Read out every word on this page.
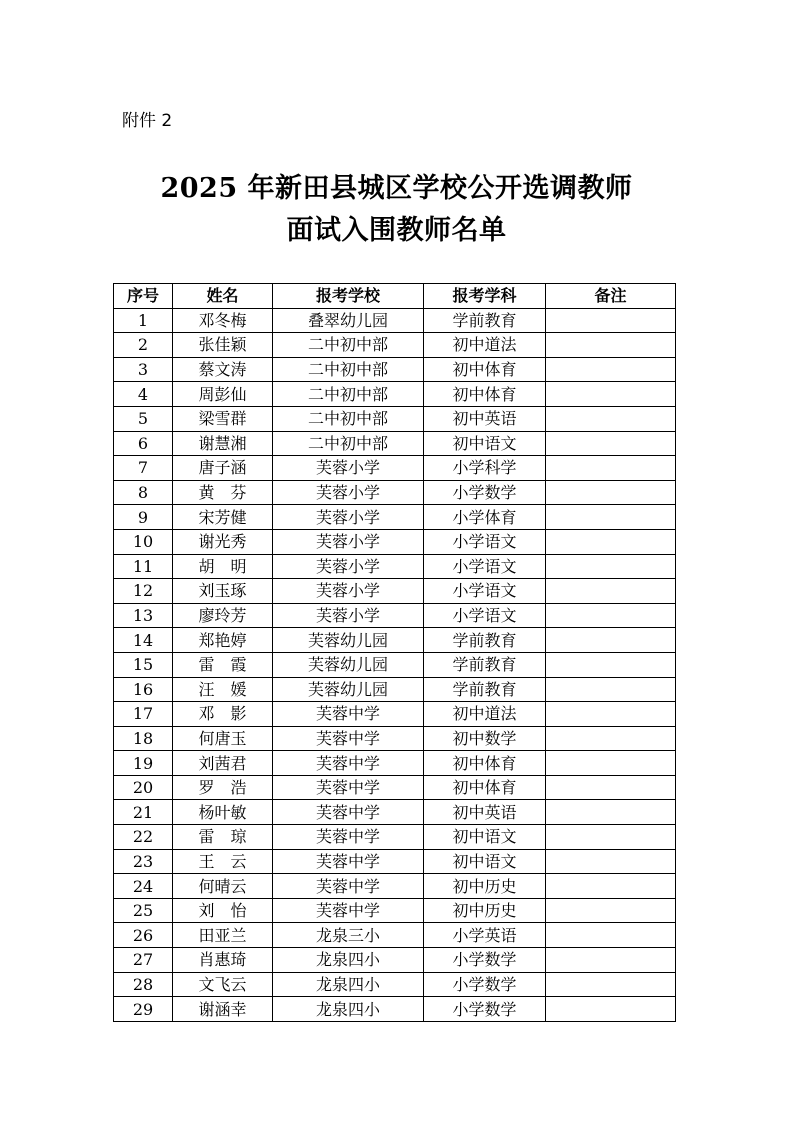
附件 2
2025 年新田县城区学校公开选调教师
面试入围教师名单
序号	姓名	报考学校	报考学科	备注
1	邓冬梅	叠翠幼儿园	学前教育	
2	张佳颖	二中初中部	初中道法	
3	蔡文涛	二中初中部	初中体育	
4	周彭仙	二中初中部	初中体育	
5	梁雪群	二中初中部	初中英语	
6	谢慧湘	二中初中部	初中语文	
7	唐子涵	芙蓉小学	小学科学	
8	黄　芬	芙蓉小学	小学数学	
9	宋芳健	芙蓉小学	小学体育	
10	谢光秀	芙蓉小学	小学语文	
11	胡　明	芙蓉小学	小学语文	
12	刘玉琢	芙蓉小学	小学语文	
13	廖玲芳	芙蓉小学	小学语文	
14	郑艳婷	芙蓉幼儿园	学前教育	
15	雷　霞	芙蓉幼儿园	学前教育	
16	汪　媛	芙蓉幼儿园	学前教育	
17	邓　影	芙蓉中学	初中道法	
18	何唐玉	芙蓉中学	初中数学	
19	刘茜君	芙蓉中学	初中体育	
20	罗　浩	芙蓉中学	初中体育	
21	杨叶敏	芙蓉中学	初中英语	
22	雷　琼	芙蓉中学	初中语文	
23	王　云	芙蓉中学	初中语文	
24	何晴云	芙蓉中学	初中历史	
25	刘　怡	芙蓉中学	初中历史	
26	田亚兰	龙泉三小	小学英语	
27	肖惠琦	龙泉四小	小学数学	
28	文飞云	龙泉四小	小学数学	
29	谢涵幸	龙泉四小	小学数学	
